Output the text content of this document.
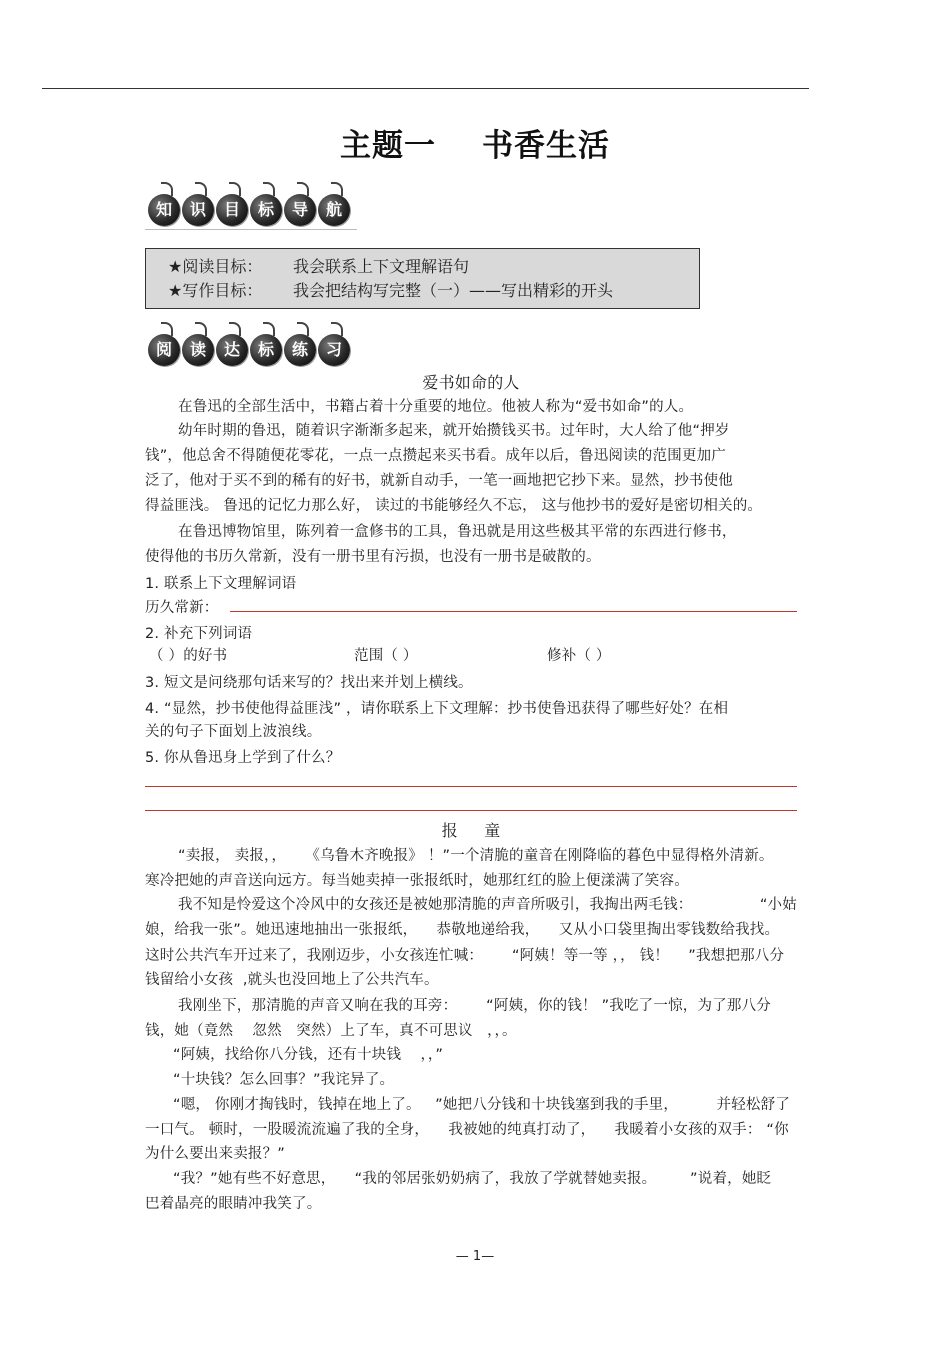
主题一 书香生活
知	识	目	标	导	航
★阅读目标： 我会联系上下文理解语句
★写作目标： 我会把结构写完整（一）——写出精彩的开头
阅	读	达	标	练	习
爱书如命的人
在鲁迅的全部生活中，书籍占着十分重要的地位。他被人称为“爱书如命”的人。
幼年时期的鲁迅，随着识字渐渐多起来，就开始攒钱买书。过年时，大人给了他“押岁
钱”，他总舍不得随便花零花，一点一点攒起来买书看。成年以后，鲁迅阅读的范围更加广
泛了，他对于买不到的稀有的好书，就新自动手，一笔一画地把它抄下来。显然，抄书使他
得益匪浅。 鲁迅的记忆力那么好， 读过的书能够经久不忘， 这与他抄书的爱好是密切相关的。
在鲁迅博物馆里，陈列着一盒修书的工具，鲁迅就是用这些极其平常的东西进行修书，
使得他的书历久常新，没有一册书里有污损，也没有一册书是破散的。
1. 联系上下文理解词语
历久常新：
2. 补充下列词语
（ ）的好书	范围（ ）	修补（ ）
3. 短文是问绕那句话来写的？找出来并划上横线。
4. “显然，抄书使他得益匪浅” ，请你联系上下文理解：抄书使鲁迅获得了哪些好处？在相
关的句子下面划上波浪线。
5. 你从鲁迅身上学到了什么？
报     童
“卖报， 卖报，，    《乌鲁木齐晚报》 ！”一个清脆的童音在刚降临的暮色中显得格外清新。
寒冷把她的声音送向远方。每当她卖掉一张报纸时，她那红红的脸上便漾满了笑容。
我不知是怜爱这个冷风中的女孩还是被她那清脆的声音所吸引，我掏出两毛钱：              “小姑
娘，给我一张”。她迅速地抽出一张报纸，    恭敬地递给我，    又从小口袋里掏出零钱数给我找。
这时公共汽车开过来了，我刚迈步，小女孩连忙喊：      “阿姨！等一等 ，， 钱！    ”我想把那八分
钱留给小女孩  ,就头也没回地上了公共汽车。
我刚坐下，那清脆的声音又响在我的耳旁：      “阿姨，你的钱！ ”我吃了一惊，为了那八分
钱，她（竟然    忽然   突然）上了车，真不可思议   ，，。
“阿姨，找给你八分钱，还有十块钱    ，，”
“十块钱？怎么回事？”我诧异了。
“嗯， 你刚才掏钱时，钱掉在地上了。   ”她把八分钱和十块钱塞到我的手里，        并轻松舒了
一口气。 顿时，一股暖流流遍了我的全身，    我被她的纯真打动了，    我暖着小女孩的双手： “你
为什么要出来卖报？”
“我？”她有些不好意思，    “我的邻居张奶奶病了，我放了学就替她卖报。       ”说着，她眨
巴着晶亮的眼睛冲我笑了。
— 1—
